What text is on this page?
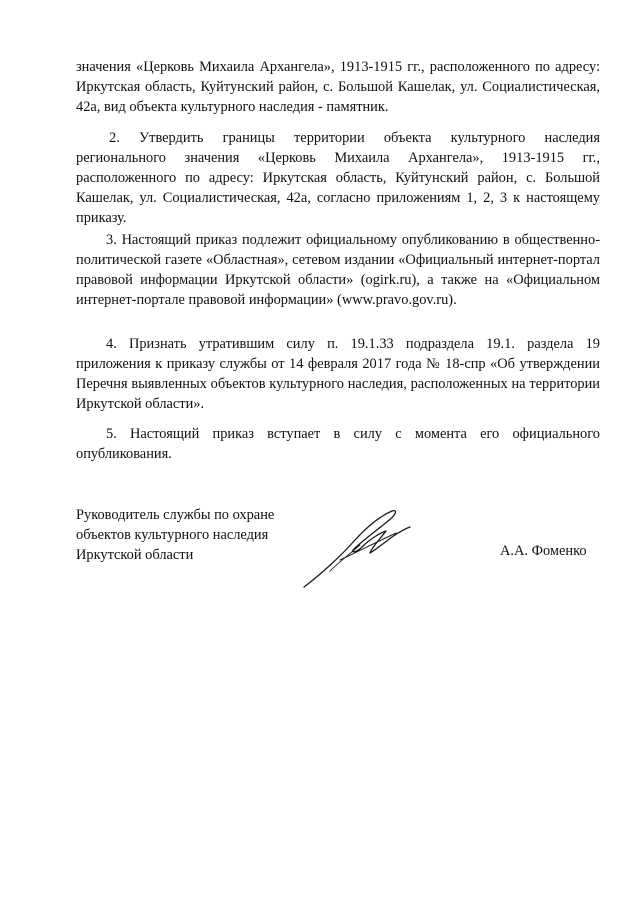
значения «Церковь Михаила Архангела», 1913-1915 гг., расположенного по адресу: Иркутская область, Куйтунский район, с. Большой Кашелак, ул. Социалистическая, 42а, вид объекта культурного наследия - памятник.

2. Утвердить границы территории объекта культурного наследия регионального значения «Церковь Михаила Архангела», 1913-1915 гг., расположенного по адресу: Иркутская область, Куйтунский район, с. Большой Кашелак, ул. Социалистическая, 42а, согласно приложениям 1, 2, 3 к настоящему приказу.

3. Настоящий приказ подлежит официальному опубликованию в общественно-политической газете «Областная», сетевом издании «Официальный интернет-портал правовой информации Иркутской области» (ogirk.ru), а также на «Официальном интернет-портале правовой информации» (www.pravo.gov.ru).

4. Признать утратившим силу п. 19.1.33 подраздела 19.1. раздела 19 приложения к приказу службы от 14 февраля 2017 года № 18-спр «Об утверждении Перечня выявленных объектов культурного наследия, расположенных на территории Иркутской области».

5. Настоящий приказ вступает в силу с момента его официального опубликования.

Руководитель службы по охране
объектов культурного наследия
Иркутской области	А.А. Фоменко
